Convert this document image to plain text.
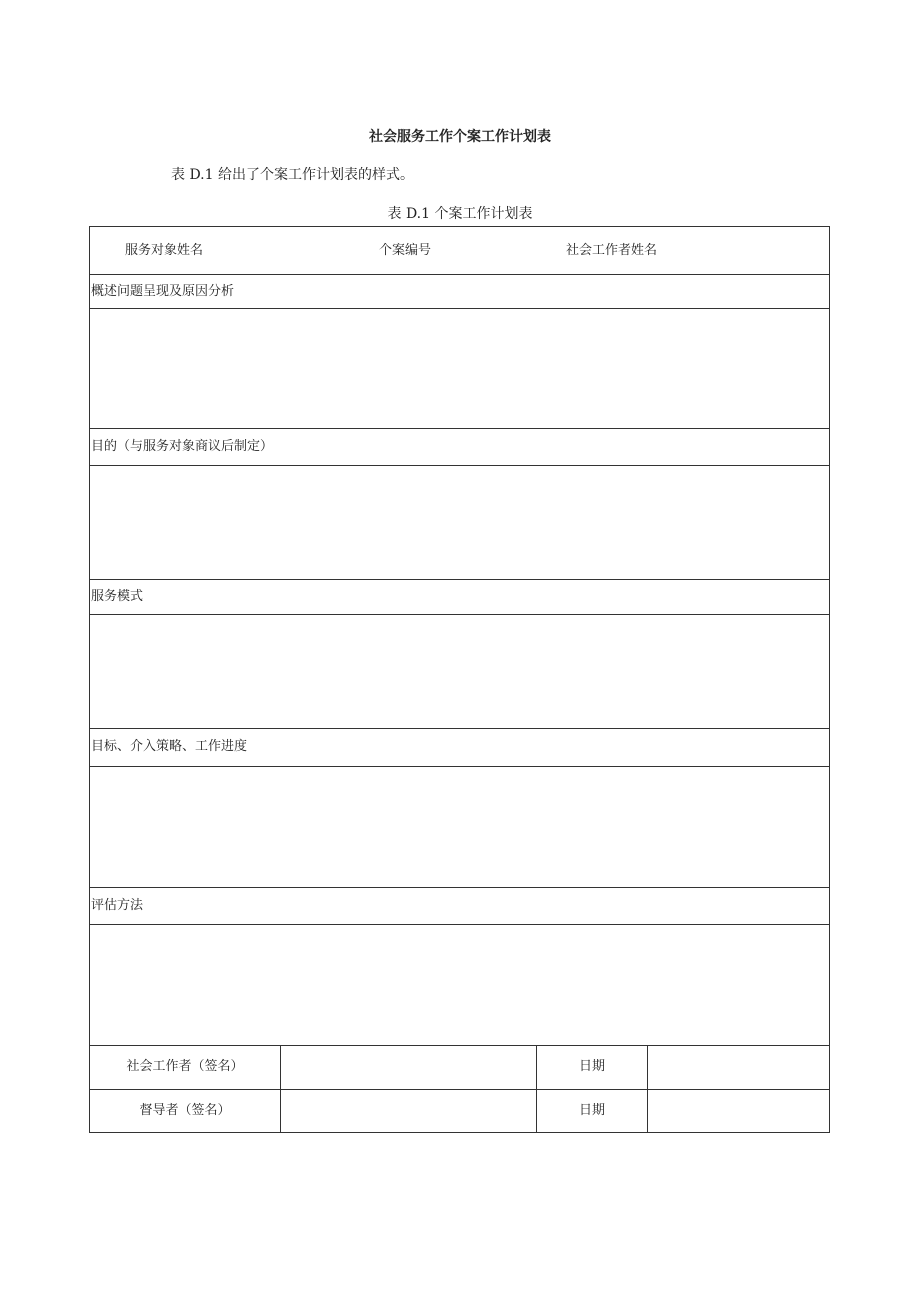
社会服务工作个案工作计划表
表 D.1 给出了个案工作计划表的样式。
表 D.1 个案工作计划表
服务对象姓名	个案编号	社会工作者姓名
概述问题呈现及原因分析
目的（与服务对象商议后制定）
服务模式
目标、介入策略、工作进度
评估方法
社会工作者（签名）	日期
督导者（签名）	日期
